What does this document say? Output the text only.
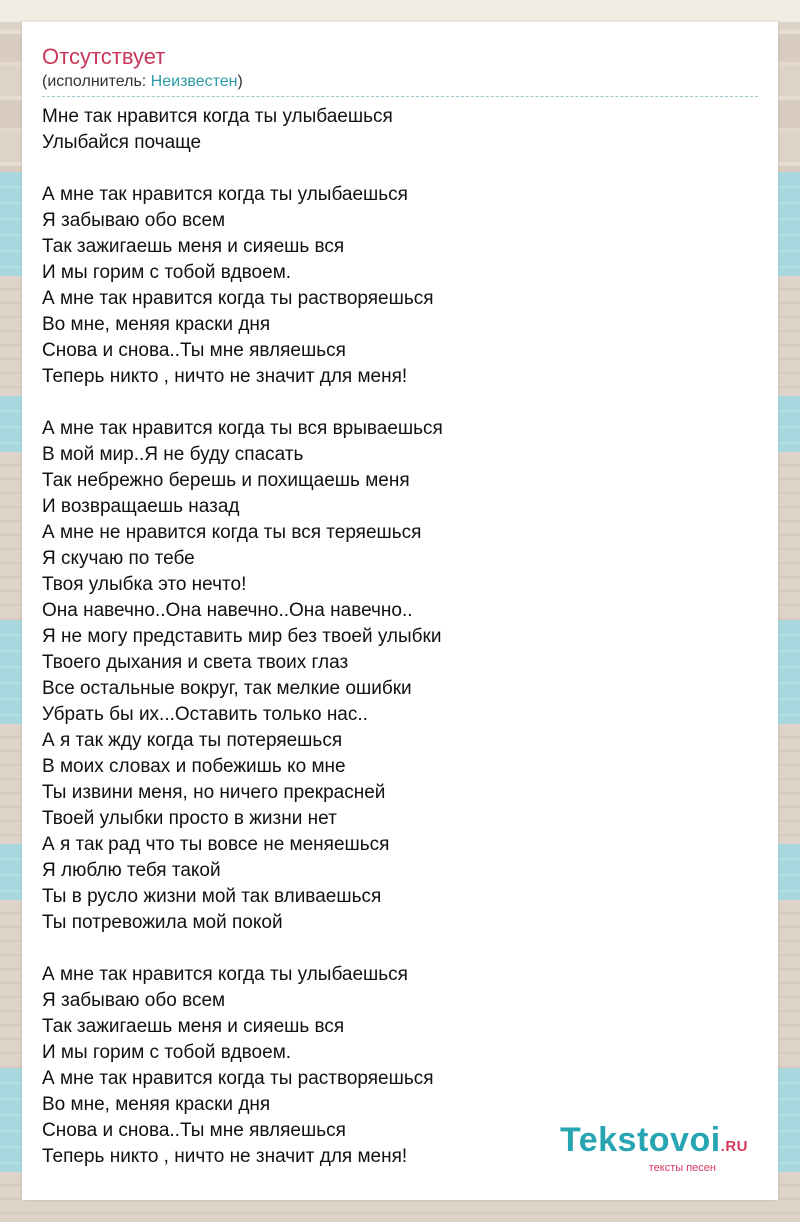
Отсутствует
(исполнитель: Неизвестен)
Мне так нравится когда ты улыбаешься
Улыбайся почаще
А мне так нравится когда ты улыбаешься
Я забываю обо всем
Так зажигаешь меня и сияешь вся
И мы горим с тобой вдвоем.
А мне так нравится когда ты растворяешься
Во мне, меняя краски дня
Снова и снова..Ты мне являешься
Теперь никто , ничто не значит для меня!
А мне так нравится когда ты вся врываешься
В мой мир..Я не буду спасать
Так небрежно берешь и похищаешь меня
И возвращаешь назад
А мне не нравится когда ты вся теряешься
Я скучаю по тебе
Твоя улыбка это нечто!
Она навечно..Она навечно..Она навечно..
Я не могу представить мир без твоей улыбки
Твоего дыхания и света твоих глаз
Все остальные вокруг, так мелкие ошибки
Убрать бы их...Оставить только нас..
А я так жду когда ты потеряешься
В моих словах и побежишь ко мне
Ты извини меня, но ничего прекрасней
Твоей улыбки просто в жизни нет
А я так рад что ты вовсе не меняешься
Я люблю тебя такой
Ты в русло жизни мой так вливаешься
Ты потревожила мой покой
А мне так нравится когда ты улыбаешься
Я забываю обо всем
Так зажигаешь меня и сияешь вся
И мы горим с тобой вдвоем.
А мне так нравится когда ты растворяешься
Во мне, меняя краски дня
Снова и снова..Ты мне являешься
Теперь никто , ничто не значит для меня!	Tekstovoi.RU
тексты песен
